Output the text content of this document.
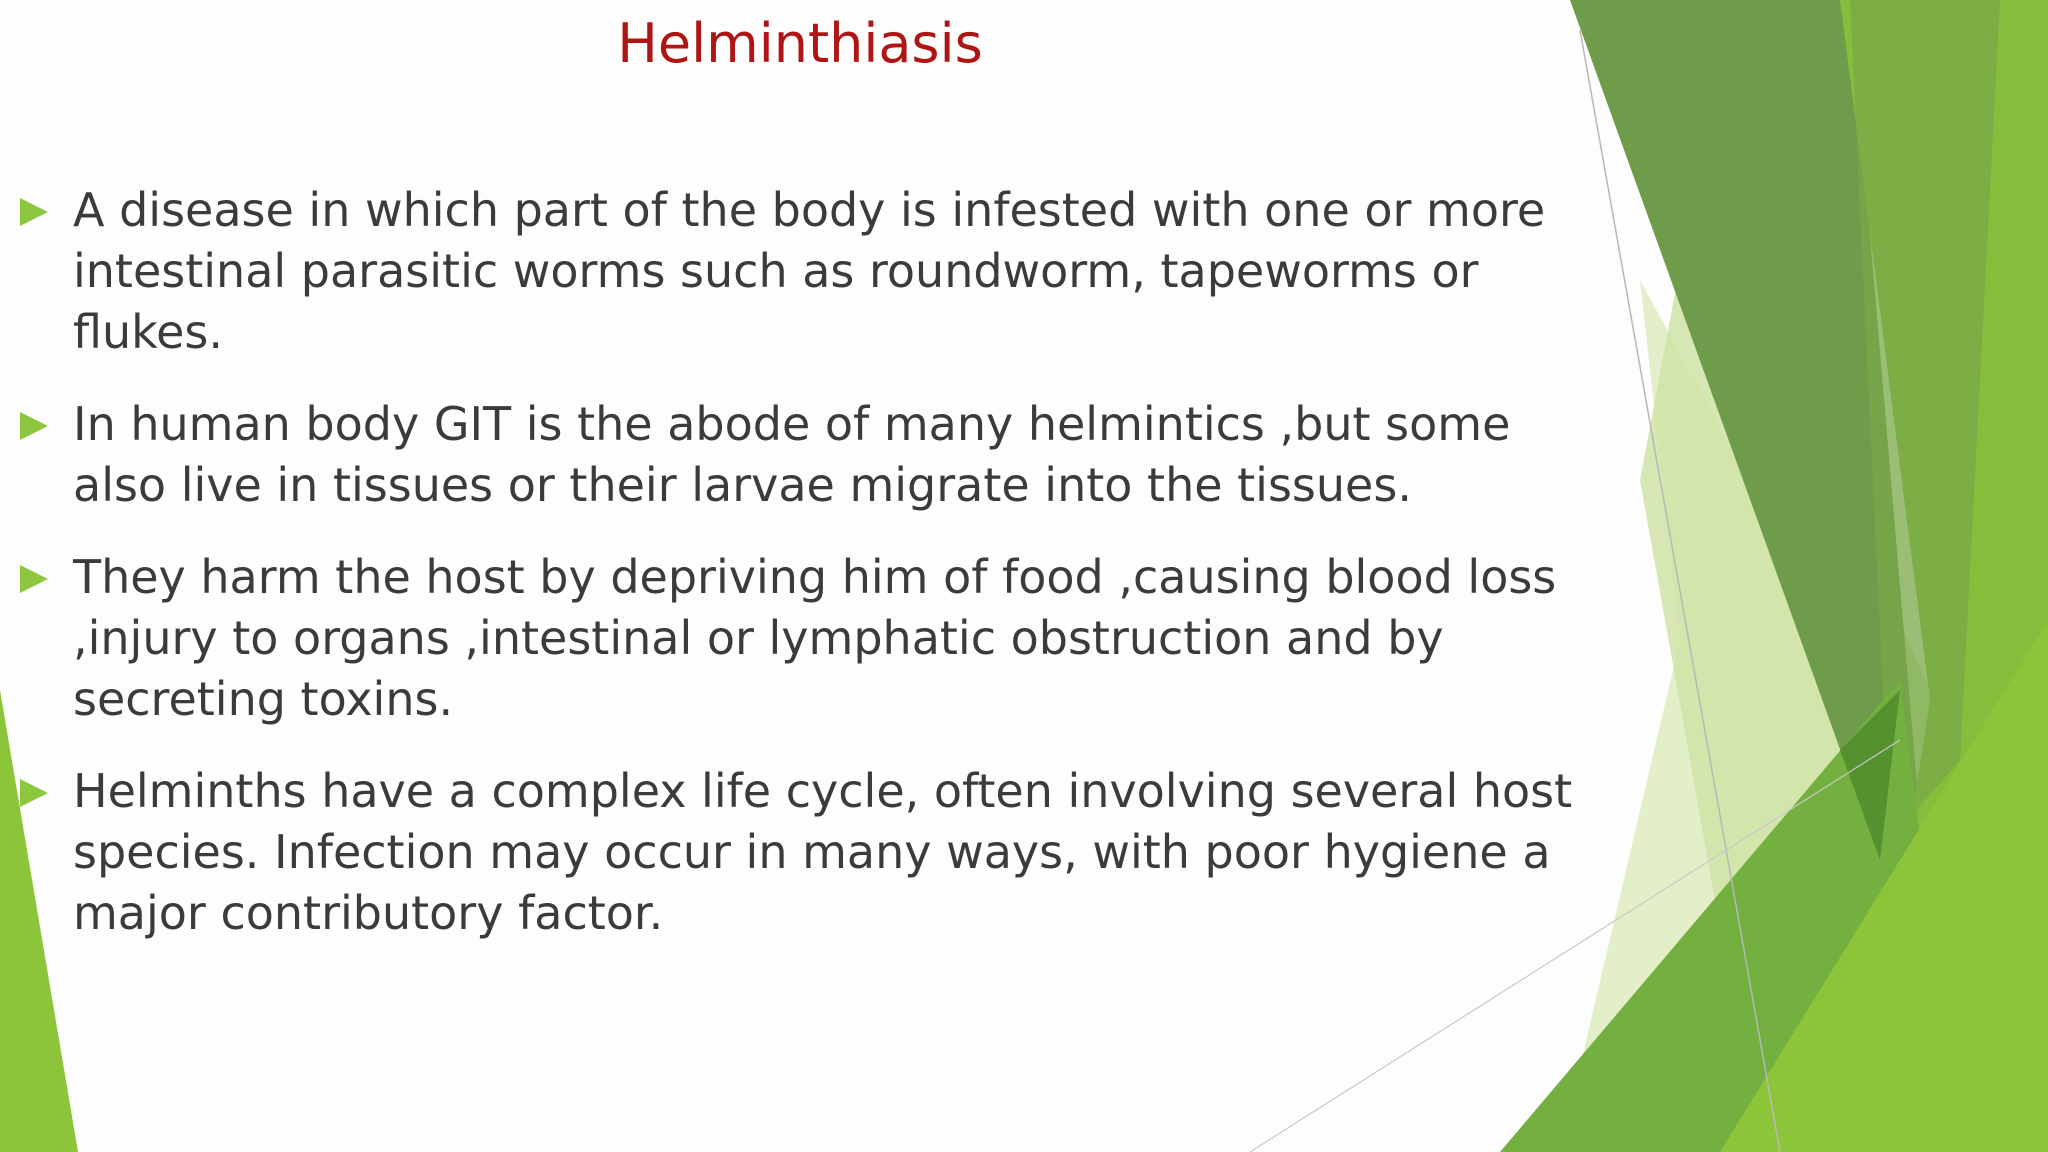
Helminthiasis
A disease in which part of the body is infested with one or more intestinal parasitic worms such as roundworm, tapeworms or flukes.
In human body GIT is the abode of many helmintics ,but some also live in tissues or their larvae migrate into the tissues.
They harm the host by depriving him of food ,causing blood loss ,injury to organs ,intestinal or lymphatic obstruction and by secreting toxins.
Helminths have a complex life cycle, often involving several host species. Infection may occur in many ways, with poor hygiene a major contributory factor.
